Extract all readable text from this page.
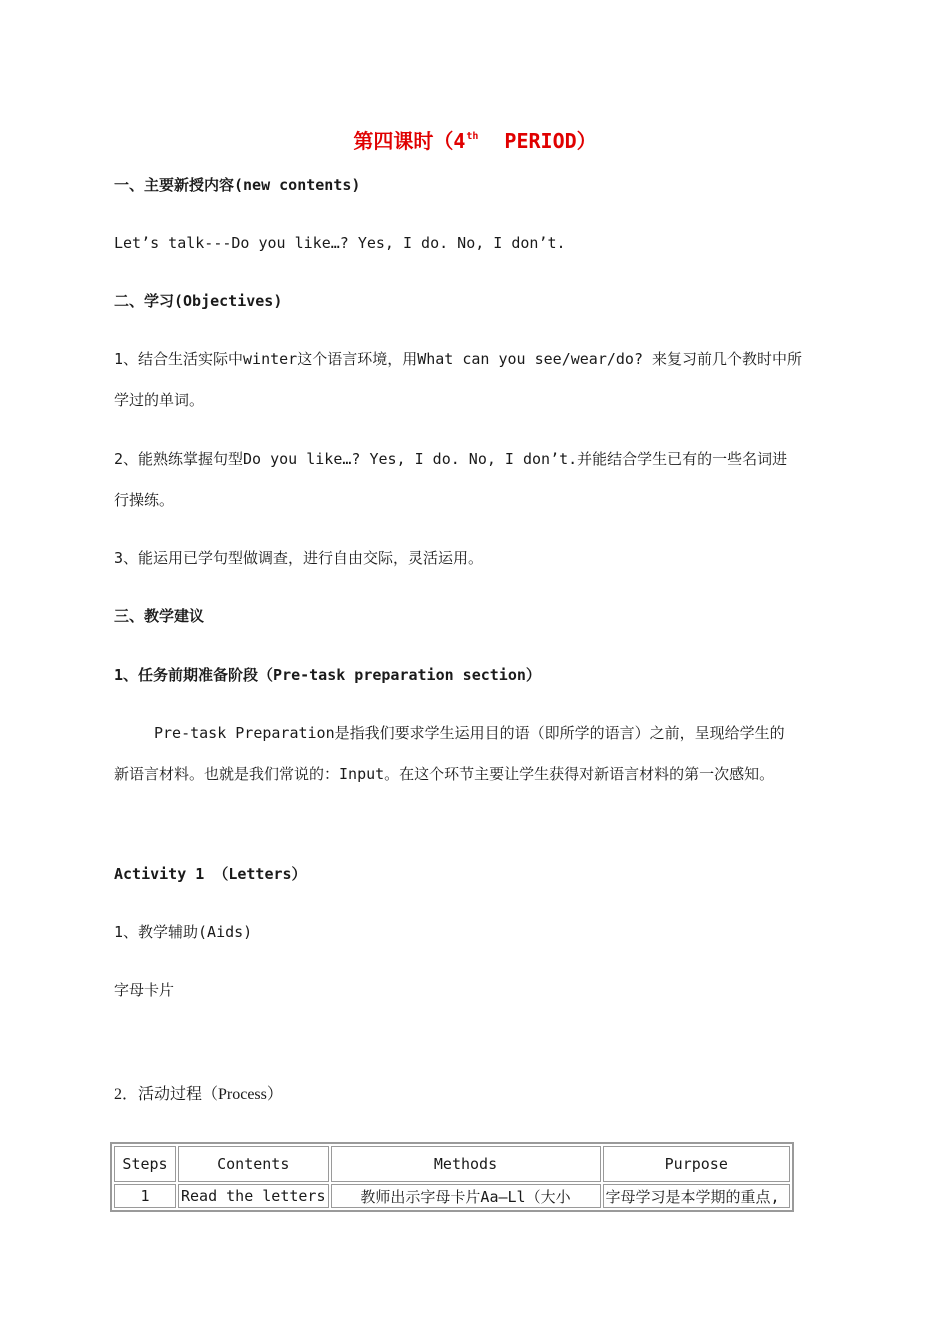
第四课时（4th PERIOD）
一、主要新授内容(new contents)
Let’s talk---Do you like…? Yes, I do. No, I don’t.
二、学习(Objectives)
1、结合生活实际中winter这个语言环境，用What can you see/wear/do? 来复习前几个教时中所
学过的单词。
2、能熟练掌握句型Do you like…? Yes, I do. No, I don’t.并能结合学生已有的一些名词进
行操练。
3、能运用已学句型做调查，进行自由交际，灵活运用。
三、教学建议
1、任务前期准备阶段（Pre-task preparation section）
Pre-task Preparation是指我们要求学生运用目的语（即所学的语言）之前，呈现给学生的
新语言材料。也就是我们常说的：Input。在这个环节主要让学生获得对新语言材料的第一次感知。
Activity 1 （Letters）
1、教学辅助(Aids)
字母卡片
2．活动过程（Process）
Steps	Contents	Methods	Purpose
1	Read the letters	教师出示字母卡片Aa—Ll（大小	字母学习是本学期的重点,
